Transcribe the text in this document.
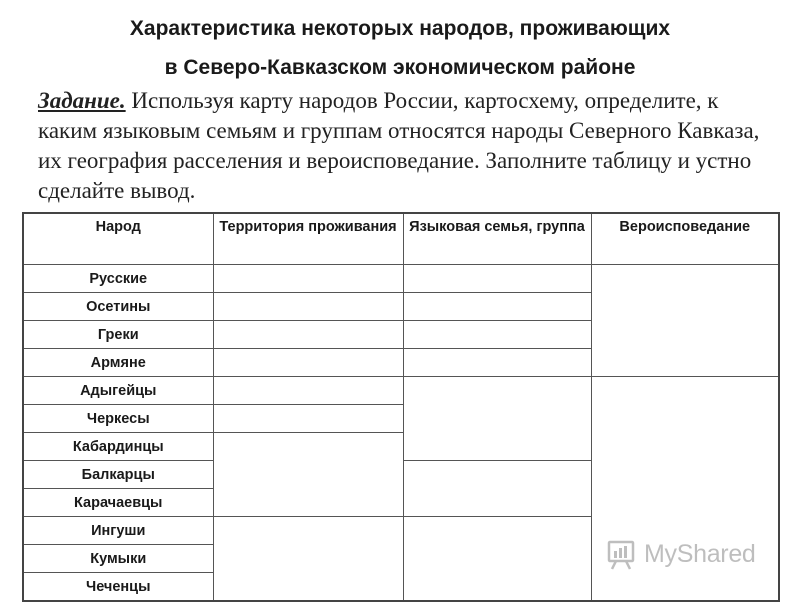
Характеристика некоторых народов, проживающих
в Северо-Кавказском экономическом районе
Задание. Используя карту народов России, картосхему, определите, к каким языковым семьям и группам относятся народы Северного Кавказа, их география расселения и вероисповедание. Заполните таблицу и устно сделайте вывод.
Народ	Территория проживания	Языковая семья, группа	Вероисповедание
Русские			
Осетины			
Греки			
Армяне			
Адыгейцы			
Черкесы			
Кабардинцы			
Балкарцы			
Карачаевцы			
Ингуши			
Кумыки			
Чеченцы			
MyShared
